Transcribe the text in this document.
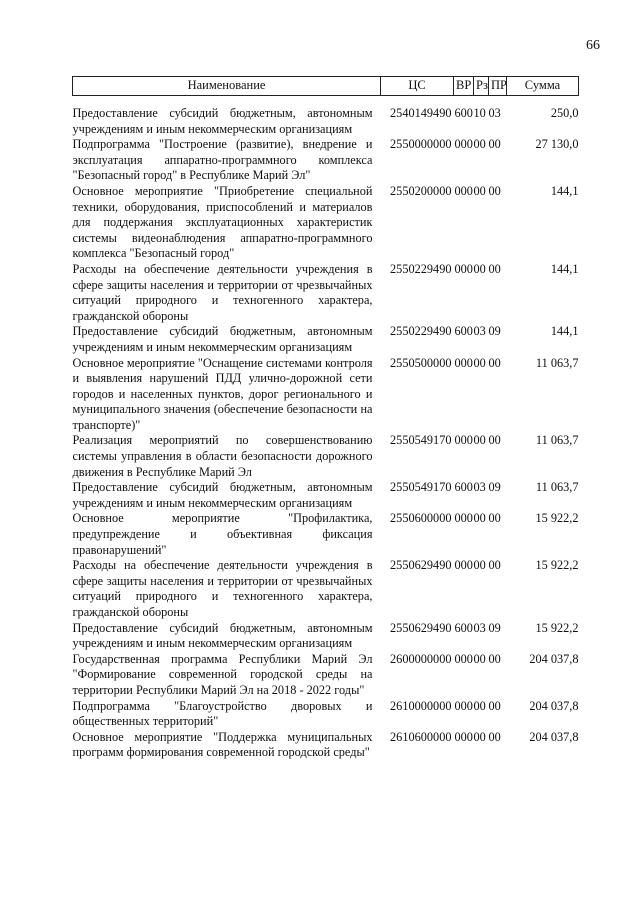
66
Наименование	ЦС	ВР	Рз	ПР	Сумма

Предоставление субсидий бюджетным, автономным учреждениям и иным некоммерческим организациям	2540149490	600	10	03	250,0
Подпрограмма "Построение (развитие), внедрение и эксплуатация аппаратно-программного комплекса "Безопасный город" в Республике Марий Эл"	2550000000	000	00	00	27 130,0
Основное мероприятие "Приобретение специальной техники, оборудования, приспособлений и материалов для поддержания эксплуатационных характеристик системы видеонаблюдения аппаратно-программного комплекса "Безопасный город"	2550200000	000	00	00	144,1
Расходы на обеспечение деятельности учреждения в сфере защиты населения и территории от чрезвычайных ситуаций природного и техногенного характера, гражданской обороны	2550229490	000	00	00	144,1
Предоставление субсидий бюджетным, автономным учреждениям и иным некоммерческим организациям	2550229490	600	03	09	144,1
Основное мероприятие "Оснащение системами контроля и выявления нарушений ПДД улично-дорожной сети городов и населенных пунктов, дорог регионального и муниципального значения (обеспечение безопасности на транспорте)"	2550500000	000	00	00	11 063,7
Реализация мероприятий по совершенствованию системы управления в области безопасности дорожного движения в Республике Марий Эл	2550549170	000	00	00	11 063,7
Предоставление субсидий бюджетным, автономным учреждениям и иным некоммерческим организациям	2550549170	600	03	09	11 063,7
Основное мероприятие "Профилактика, предупреждение и объективная фиксация правонарушений"	2550600000	000	00	00	15 922,2
Расходы на обеспечение деятельности учреждения в сфере защиты населения и территории от чрезвычайных ситуаций природного и техногенного характера, гражданской обороны	2550629490	000	00	00	15 922,2
Предоставление субсидий бюджетным, автономным учреждениям и иным некоммерческим организациям	2550629490	600	03	09	15 922,2
Государственная программа Республики Марий Эл "Формирование современной городской среды на территории Республики Марий Эл на 2018 - 2022 годы"	2600000000	000	00	00	204 037,8
Подпрограмма "Благоустройство дворовых и общественных территорий"	2610000000	000	00	00	204 037,8
Основное мероприятие "Поддержка муниципальных программ формирования современной городской среды"	2610600000	000	00	00	204 037,8
